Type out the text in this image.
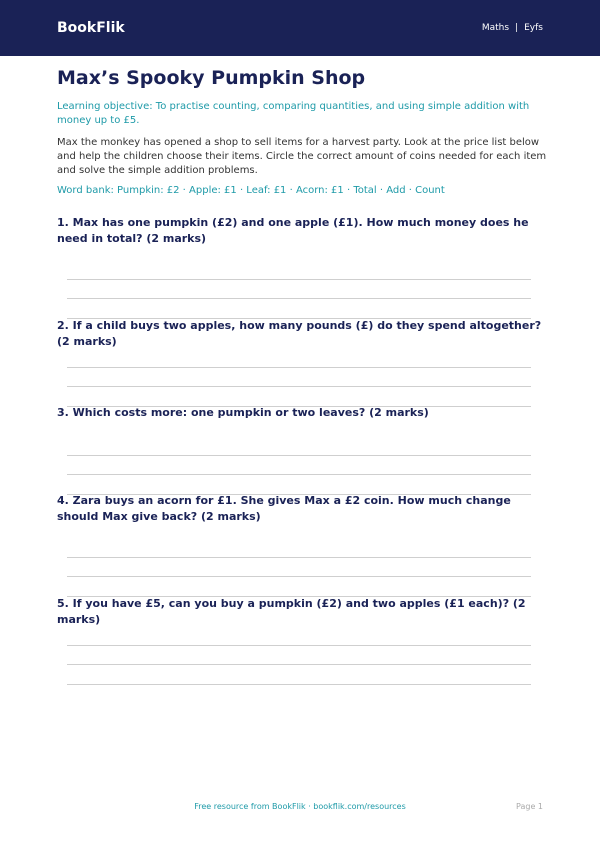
BookFlik	Maths | Eyfs
Max’s Spooky Pumpkin Shop
Learning objective: To practise counting, comparing quantities, and using simple addition with money up to £5.
Max the monkey has opened a shop to sell items for a harvest party. Look at the price list below and help the children choose their items. Circle the correct amount of coins needed for each item and solve the simple addition problems.
Word bank: Pumpkin: £2 · Apple: £1 · Leaf: £1 · Acorn: £1 · Total · Add · Count
1. Max has one pumpkin (£2) and one apple (£1). How much money does he need in total? (2 marks)
2. If a child buys two apples, how many pounds (£) do they spend altogether? (2 marks)
3. Which costs more: one pumpkin or two leaves? (2 marks)
4. Zara buys an acorn for £1. She gives Max a £2 coin. How much change should Max give back? (2 marks)
5. If you have £5, can you buy a pumpkin (£2) and two apples (£1 each)? (2 marks)
Free resource from BookFlik · bookflik.com/resources	Page 1
